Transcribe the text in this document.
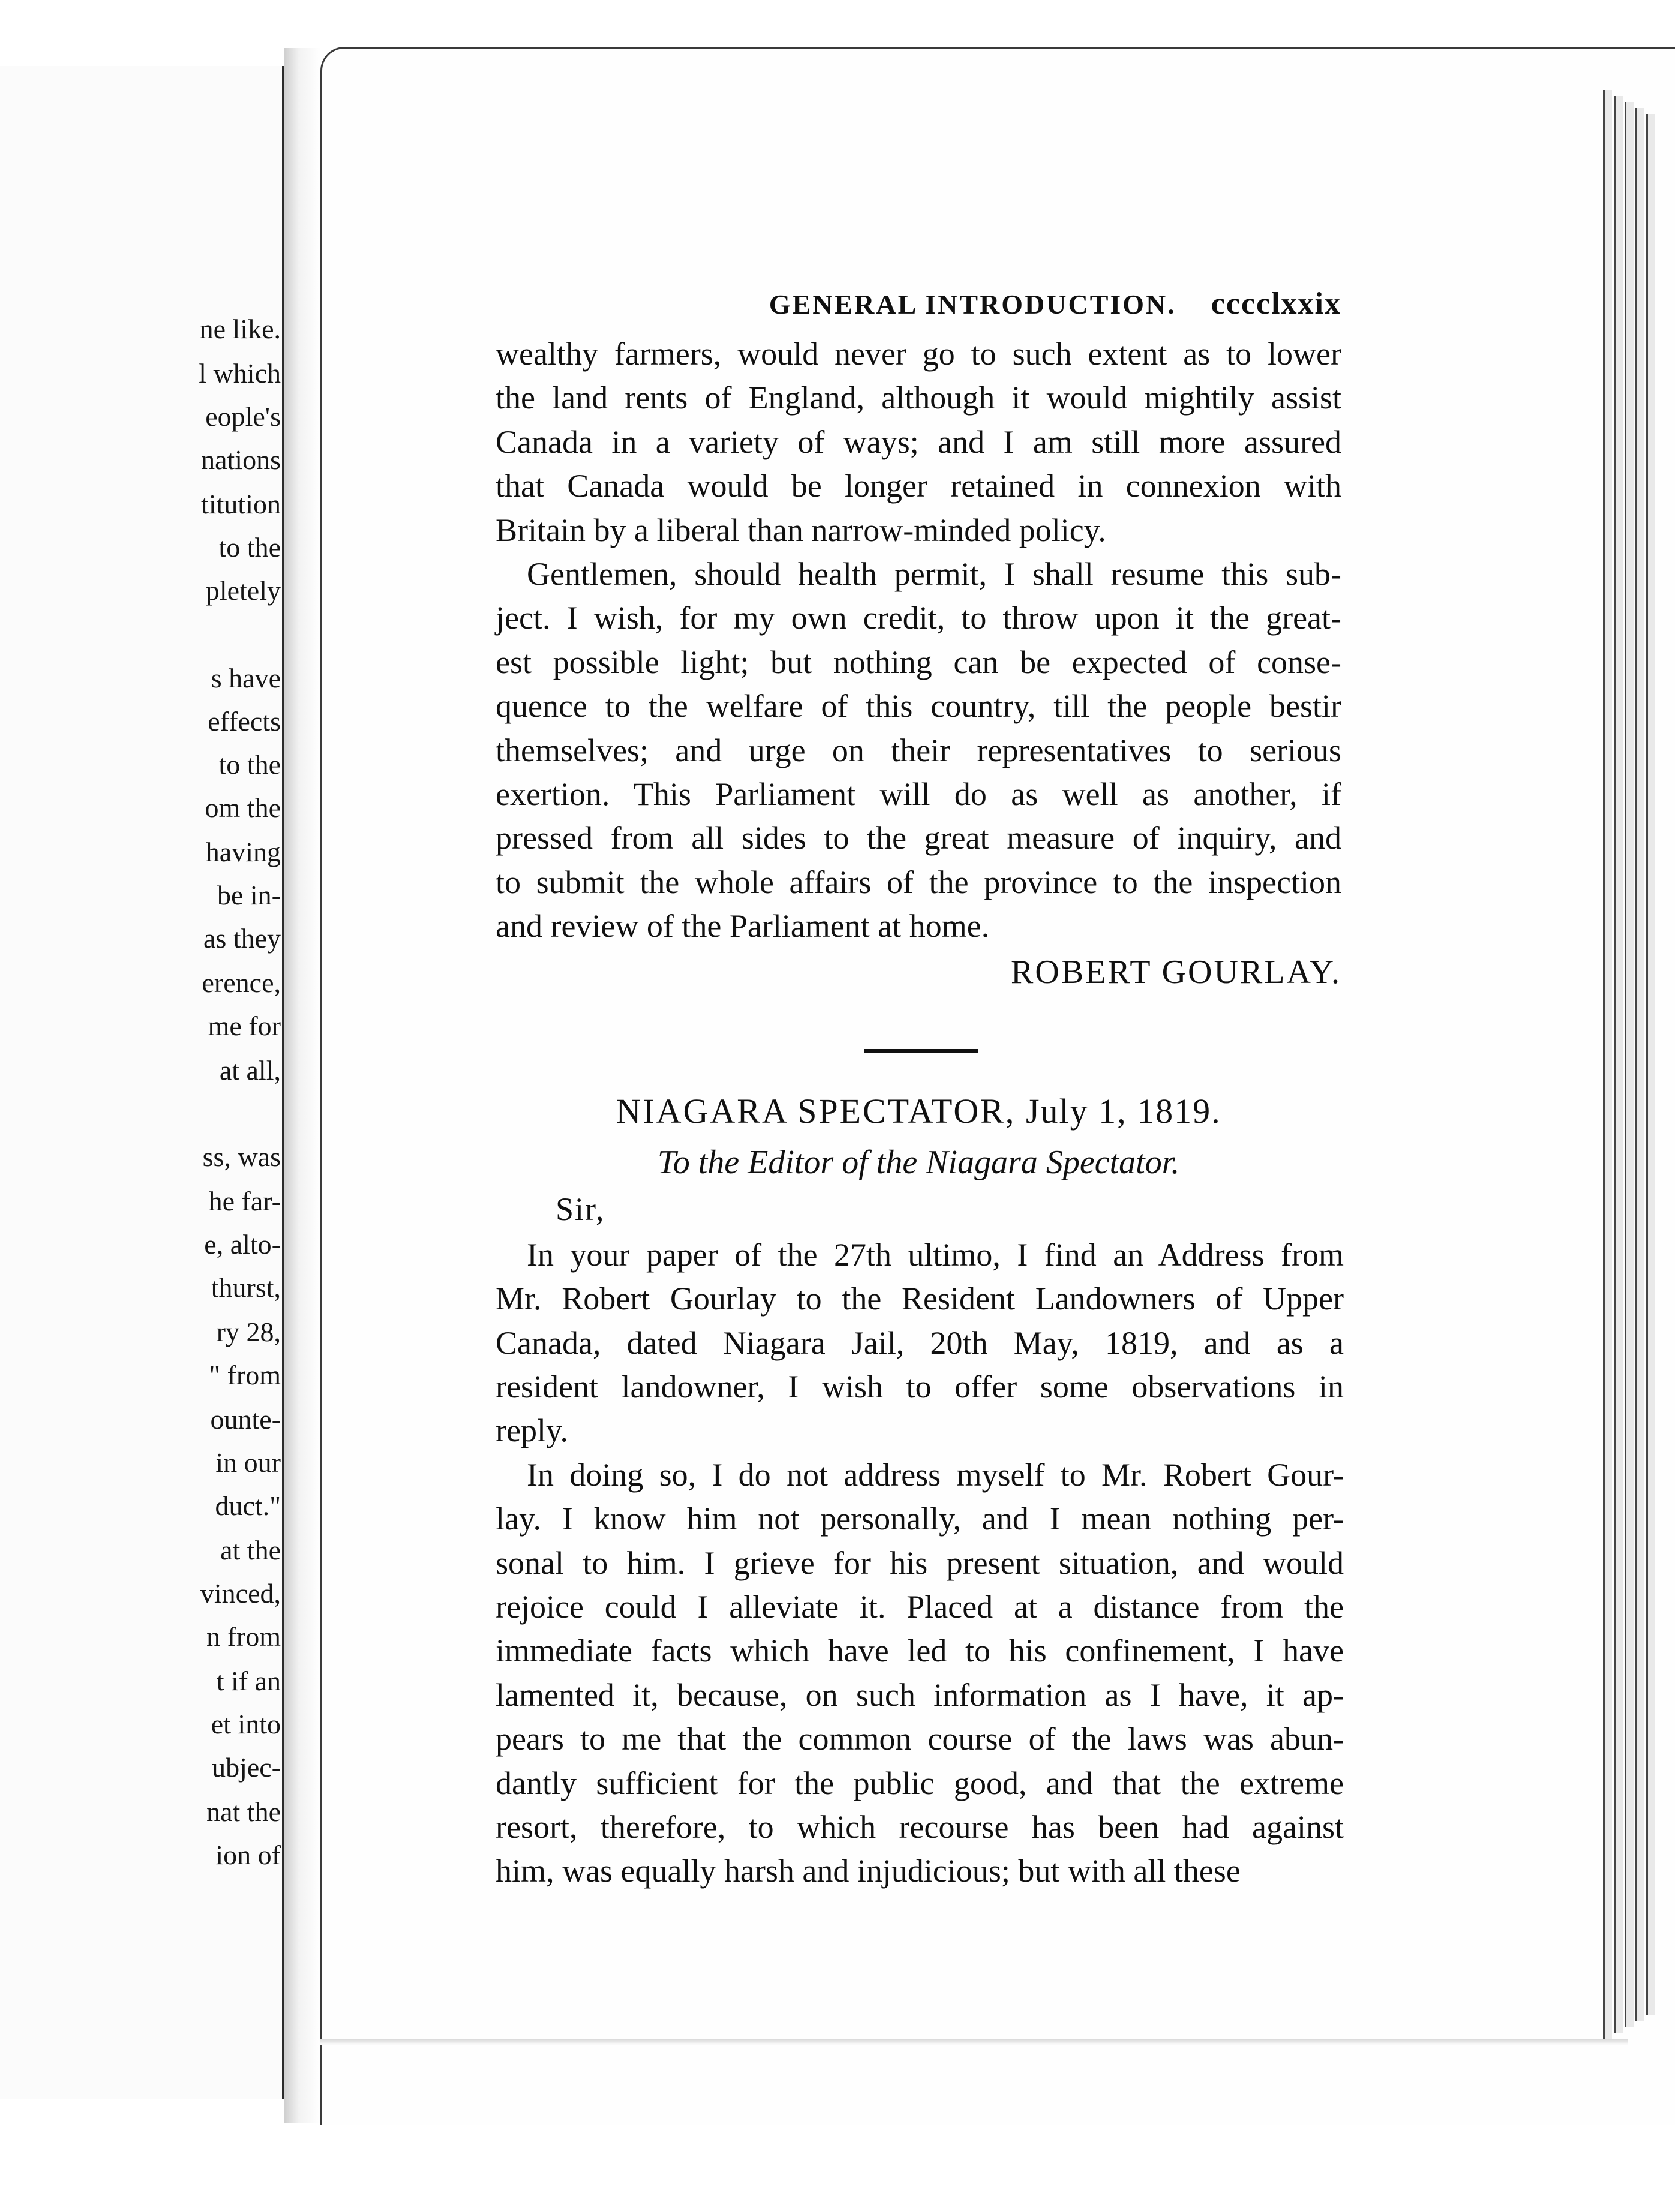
ne like.
l which
eople's
nations
titution
to the
pletely
s have
effects
to the
om the
having
be in-
as they
erence,
me for
at all,
ss, was
he far-
e, alto-
thurst,
ry 28,
" from
ounte-
in our
duct."
at the
vinced,
n from
t if an
et into
ubjec-
nat the
ion of
GENERAL INTRODUCTION. cccclxxix
wealthy farmers, would never go to such extent as to lower
the land rents of England, although it would mightily assist
Canada in a variety of ways; and I am still more assured
that Canada would be longer retained in connexion with
Britain by a liberal than narrow-minded policy.
Gentlemen, should health permit, I shall resume this sub-
ject. I wish, for my own credit, to throw upon it the great-
est possible light; but nothing can be expected of conse-
quence to the welfare of this country, till the people bestir
themselves; and urge on their representatives to serious
exertion. This Parliament will do as well as another, if
pressed from all sides to the great measure of inquiry, and
to submit the whole affairs of the province to the inspection
and review of the Parliament at home.
ROBERT GOURLAY.
NIAGARA SPECTATOR, July 1, 1819.
To the Editor of the Niagara Spectator.
Sir,
In your paper of the 27th ultimo, I find an Address from
Mr. Robert Gourlay to the Resident Landowners of Upper
Canada, dated Niagara Jail, 20th May, 1819, and as a
resident landowner, I wish to offer some observations in
reply.
In doing so, I do not address myself to Mr. Robert Gour-
lay. I know him not personally, and I mean nothing per-
sonal to him. I grieve for his present situation, and would
rejoice could I alleviate it. Placed at a distance from the
immediate facts which have led to his confinement, I have
lamented it, because, on such information as I have, it ap-
pears to me that the common course of the laws was abun-
dantly sufficient for the public good, and that the extreme
resort, therefore, to which recourse has been had against
him, was equally harsh and injudicious; but with all these
